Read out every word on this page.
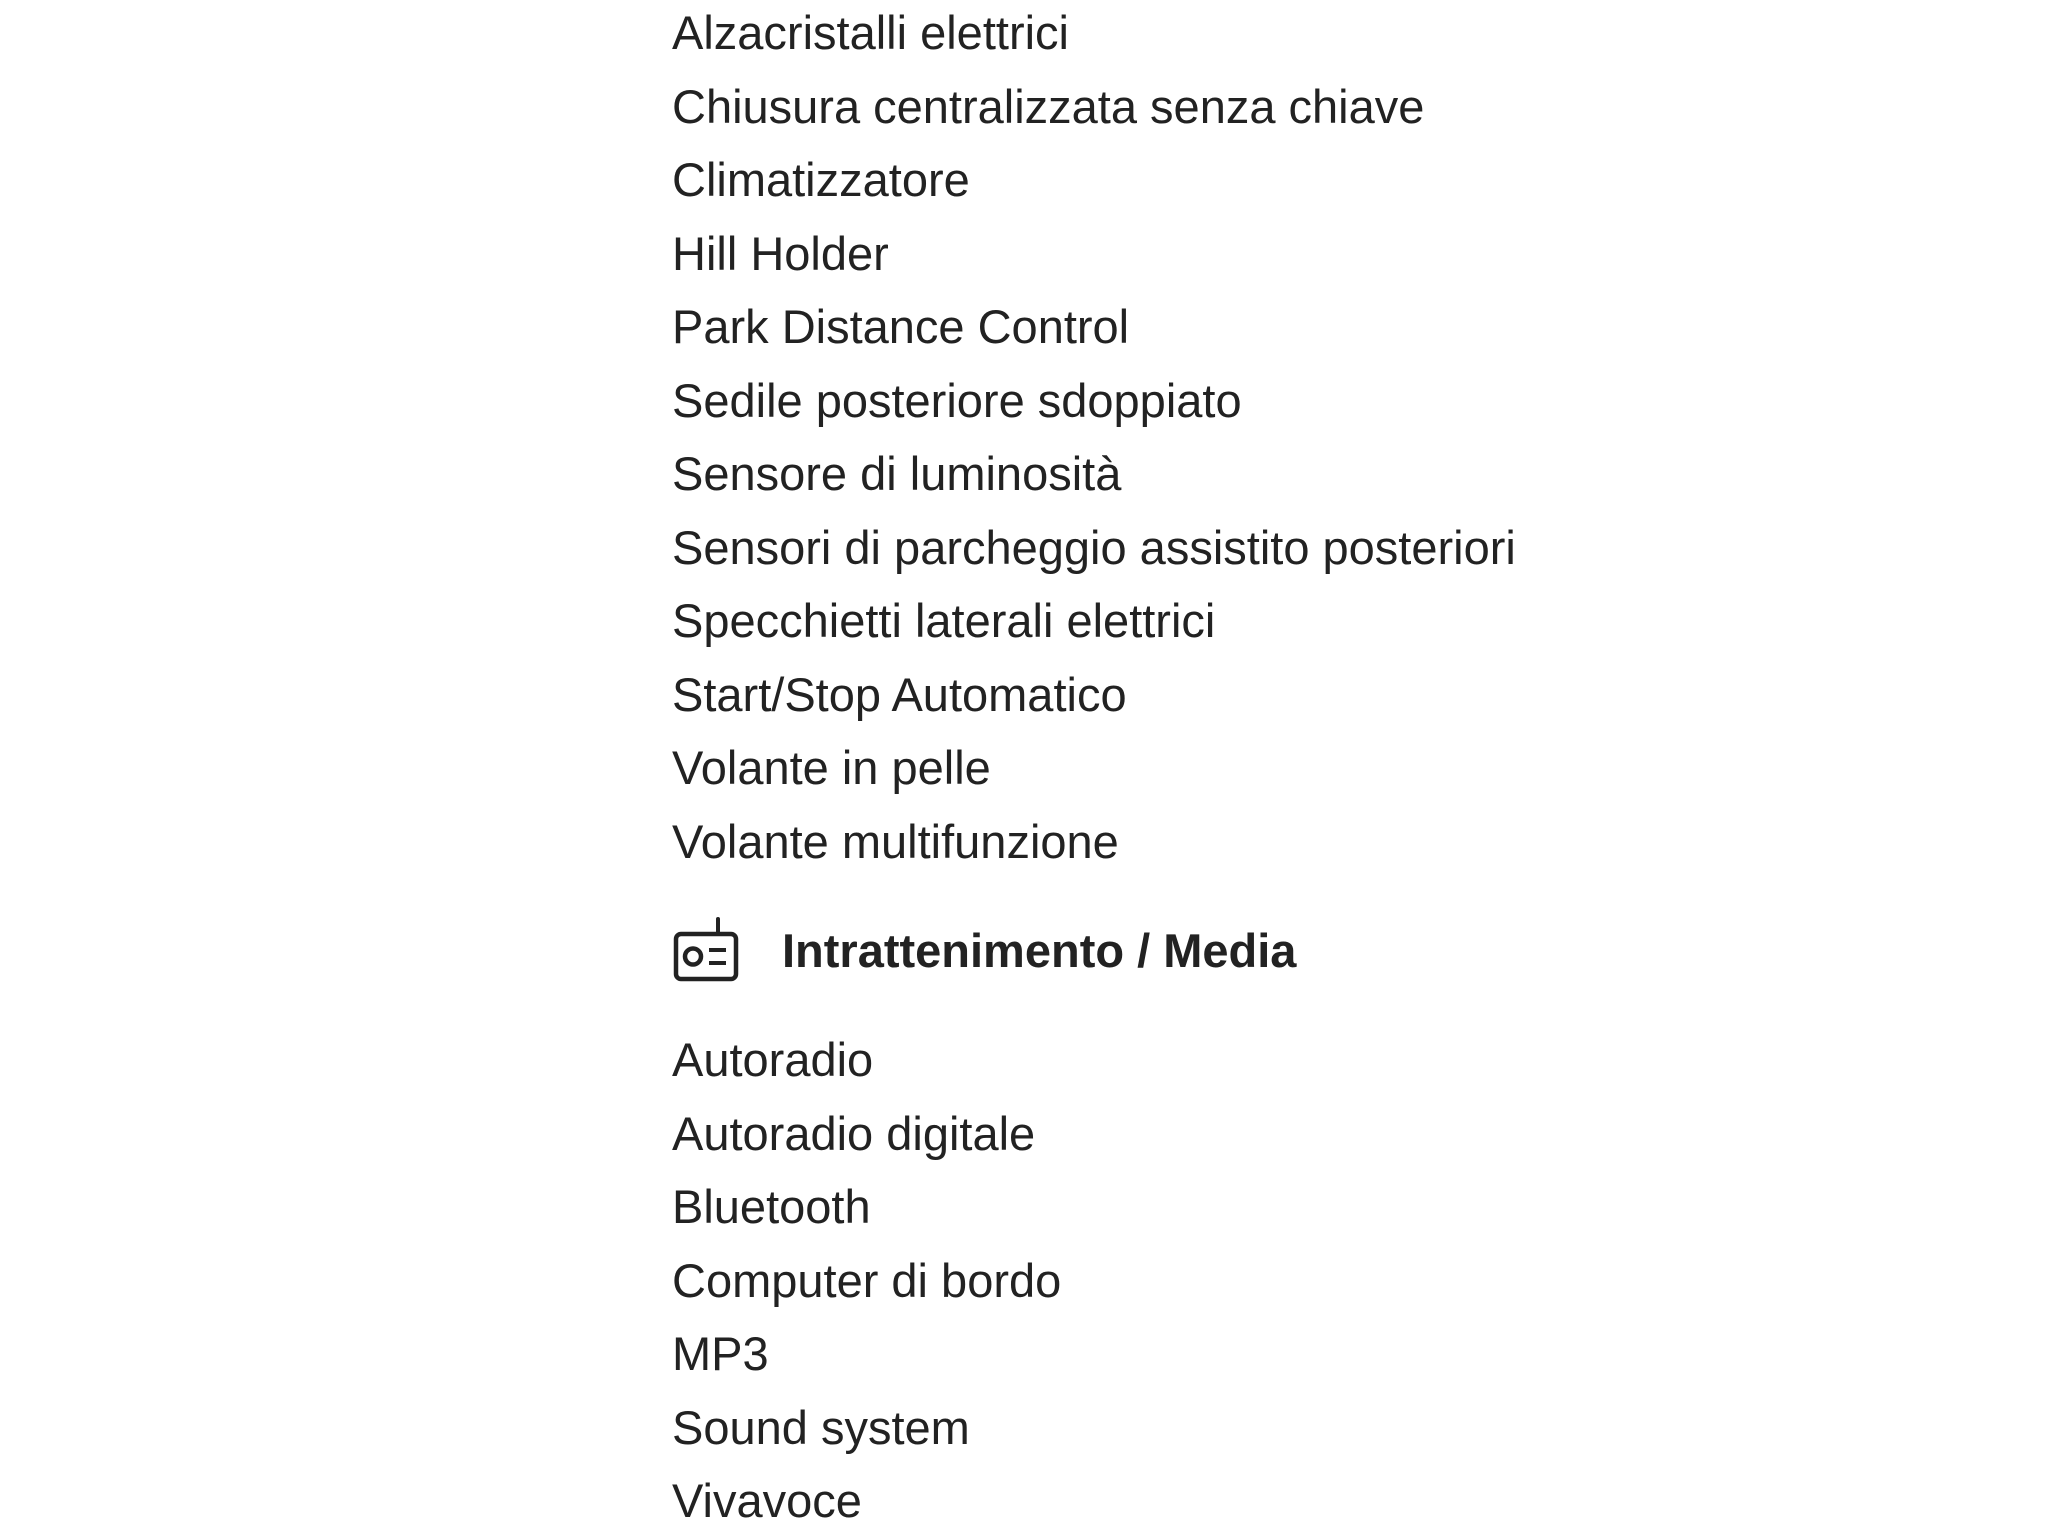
Alzacristalli elettrici
Chiusura centralizzata senza chiave
Climatizzatore
Hill Holder
Park Distance Control
Sedile posteriore sdoppiato
Sensore di luminosità
Sensori di parcheggio assistito posteriori
Specchietti laterali elettrici
Start/Stop Automatico
Volante in pelle
Volante multifunzione
Intrattenimento / Media
Autoradio
Autoradio digitale
Bluetooth
Computer di bordo
MP3
Sound system
Vivavoce
